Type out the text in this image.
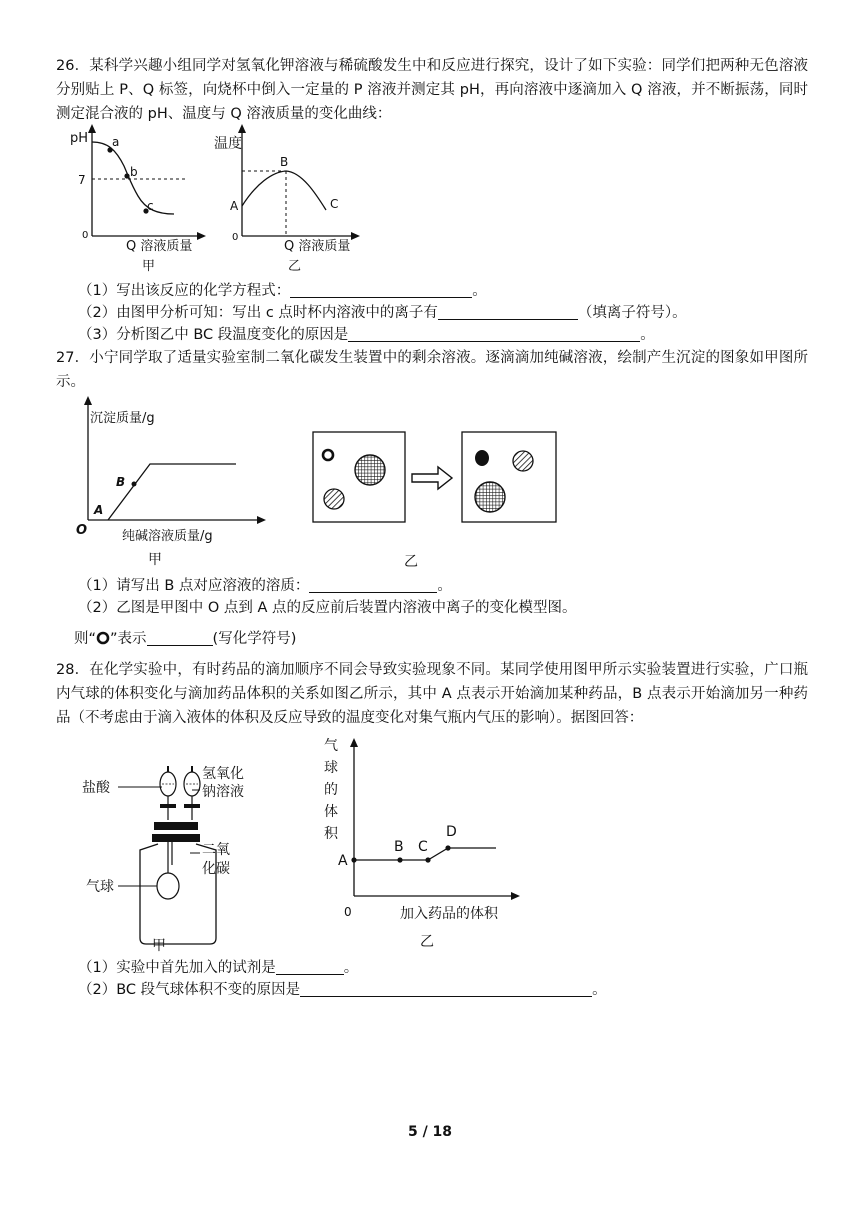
26．某科学兴趣小组同学对氢氧化钾溶液与稀硫酸发生中和反应进行探究，设计了如下实验：同学们把两种无色溶液分别贴上 P、Q 标签，向烧杯中倒入一定量的 P 溶液并测定其 pH，再向溶液中逐滴加入 Q 溶液，并不断振荡，同时测定混合液的 pH、温度与 Q 溶液质量的变化曲线：
pH
7
0
a
b
c
Q 溶液质量
甲
温度
A
B
C
0
Q 溶液质量
乙
（1）写出该反应的化学方程式：	。
（2）由图甲分析可知：写出 c 点时杯内溶液中的离子有	（填离子符号）。
（3）分析图乙中 BC 段温度变化的原因是	。
27．小宁同学取了适量实验室制二氧化碳发生装置中的剩余溶液。逐滴滴加纯碱溶液，绘制产生沉淀的图象如甲图所示。
沉淀质量/g
B
A
O	纯碱溶液质量/g
甲	乙
（1）请写出 B 点对应溶液的溶质：	。
（2）乙图是甲图中 O 点到 A 点的反应前后装置内溶液中离子的变化模型图。
则“ ”表示	(写化学符号)
28．在化学实验中，有时药品的滴加顺序不同会导致实验现象不同。某同学使用图甲所示实验装置进行实验，广口瓶内气球的体积变化与滴加药品体积的关系如图乙所示，其中 A 点表示开始滴加某种药品，B 点表示开始滴加另一种药品（不考虑由于滴入液体的体积及反应导致的温度变化对集气瓶内气压的影响）。据图回答：
盐酸
氢氧化
钠溶液
二氧
化碳
气球
甲
气
球
的
体
积
A
B C
D
0	加入药品的体积
乙
（1）实验中首先加入的试剂是	。
（2）BC 段气球体积不变的原因是	。
5 / 18
